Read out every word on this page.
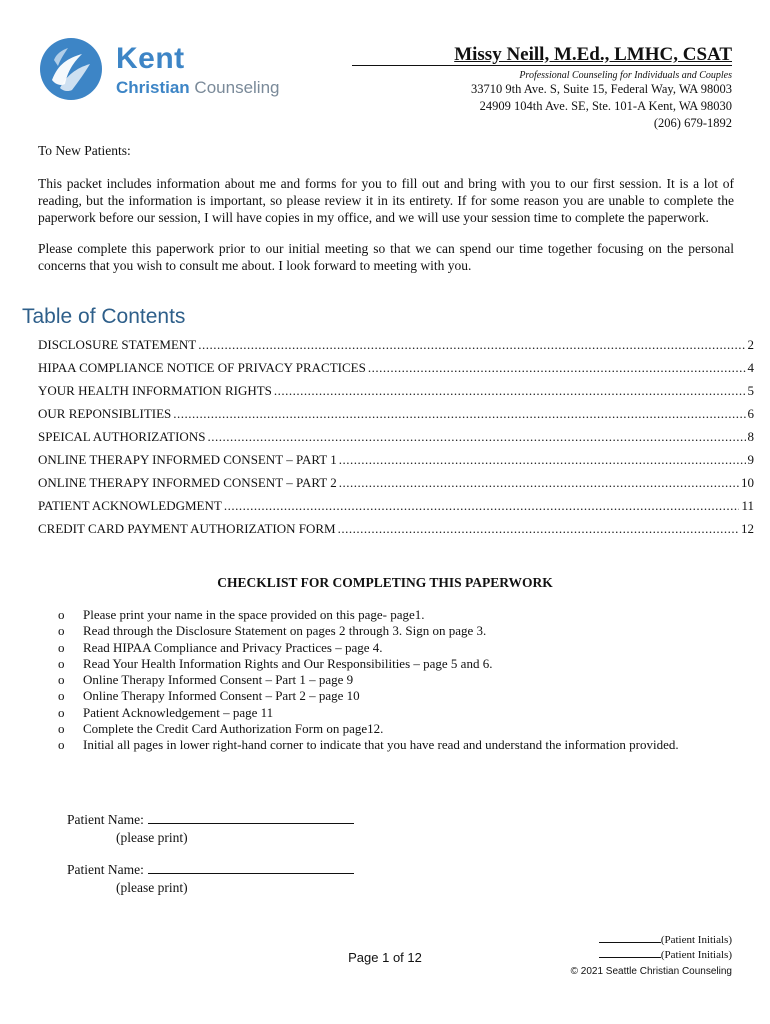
Kent
Christian Counseling
Missy Neill, M.Ed., LMHC, CSAT
Professional Counseling for Individuals and Couples
33710 9th Ave. S, Suite 15, Federal Way, WA 98003
24909 104th Ave. SE, Ste. 101-A Kent, WA 98030
(206) 679-1892

To New Patients:

This packet includes information about me and forms for you to fill out and bring with you to our first session. It is a lot of reading, but the information is important, so please review it in its entirety. If for some reason you are unable to complete the paperwork before our session, I will have copies in my office, and we will use your session time to complete the paperwork.

Please complete this paperwork prior to our initial meeting so that we can spend our time together focusing on the personal concerns that you wish to consult me about. I look forward to meeting with you.

Table of Contents
DISCLOSURE STATEMENT .....	2
HIPAA COMPLIANCE NOTICE OF PRIVACY PRACTICES .....	4
YOUR HEALTH INFORMATION RIGHTS .....	5
OUR REPONSIBLITIES .....	6
SPEICAL AUTHORIZATIONS .....	8
ONLINE THERAPY INFORMED CONSENT – PART 1 .....	9
ONLINE THERAPY INFORMED CONSENT – PART 2 .....	10
PATIENT ACKNOWLEDGMENT .....	11
CREDIT CARD PAYMENT AUTHORIZATION FORM .....	12
CHECKLIST FOR COMPLETING THIS PAPERWORK
o	Please print your name in the space provided on this page- page1.
o	Read through the Disclosure Statement on pages 2 through 3. Sign on page 3.
o	Read HIPAA Compliance and Privacy Practices – page 4.
o	Read Your Health Information Rights and Our Responsibilities – page 5 and 6.
o	Online Therapy Informed Consent – Part 1 – page 9
o	Online Therapy Informed Consent – Part 2 – page 10
o	Patient Acknowledgement – page 11
o	Complete the Credit Card Authorization Form on page12.
o	Initial all pages in lower right-hand corner to indicate that you have read and understand the information provided.
Patient Name:
(please print)
Patient Name:
(please print)
(Patient Initials)
(Patient Initials)
Page 1 of 12
© 2021 Seattle Christian Counseling
